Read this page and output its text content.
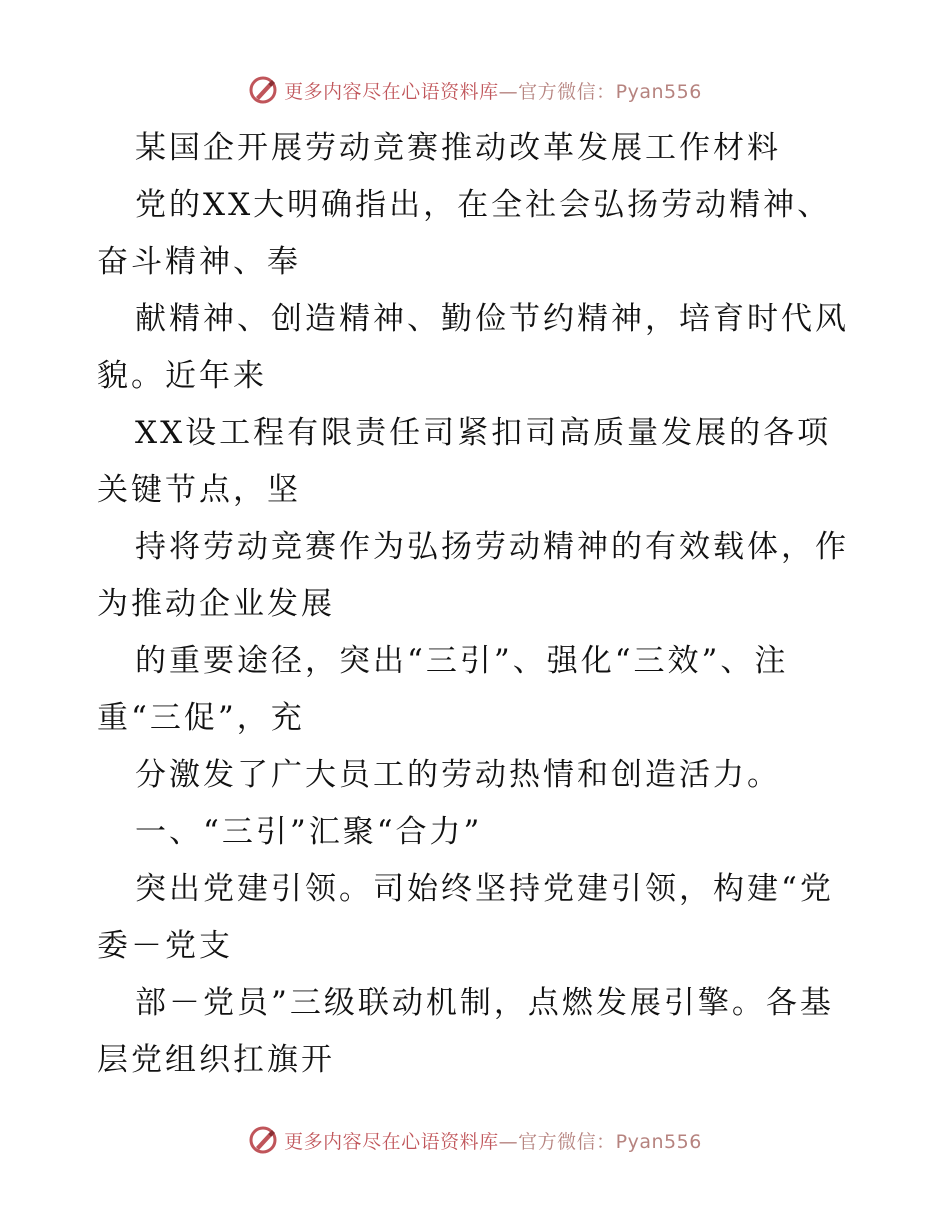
更多内容尽在心语资料库—官方微信：Pyan556
某国企开展劳动竞赛推动改革发展工作材料
党的XX大明确指出，在全社会弘扬劳动精神、
奋斗精神、奉
献精神、创造精神、勤俭节约精神，培育时代风
貌。近年来
XX设工程有限责任司紧扣司高质量发展的各项
关键节点，坚
持将劳动竞赛作为弘扬劳动精神的有效载体，作
为推动企业发展
的重要途径，突出“三引”、强化“三效”、注
重“三促”，充
分激发了广大员工的劳动热情和创造活力。
一、“三引”汇聚“合力”
突出党建引领。司始终坚持党建引领，构建“党
委－党支
部－党员”三级联动机制，点燃发展引擎。各基
层党组织扛旗开
更多内容尽在心语资料库—官方微信：Pyan556
